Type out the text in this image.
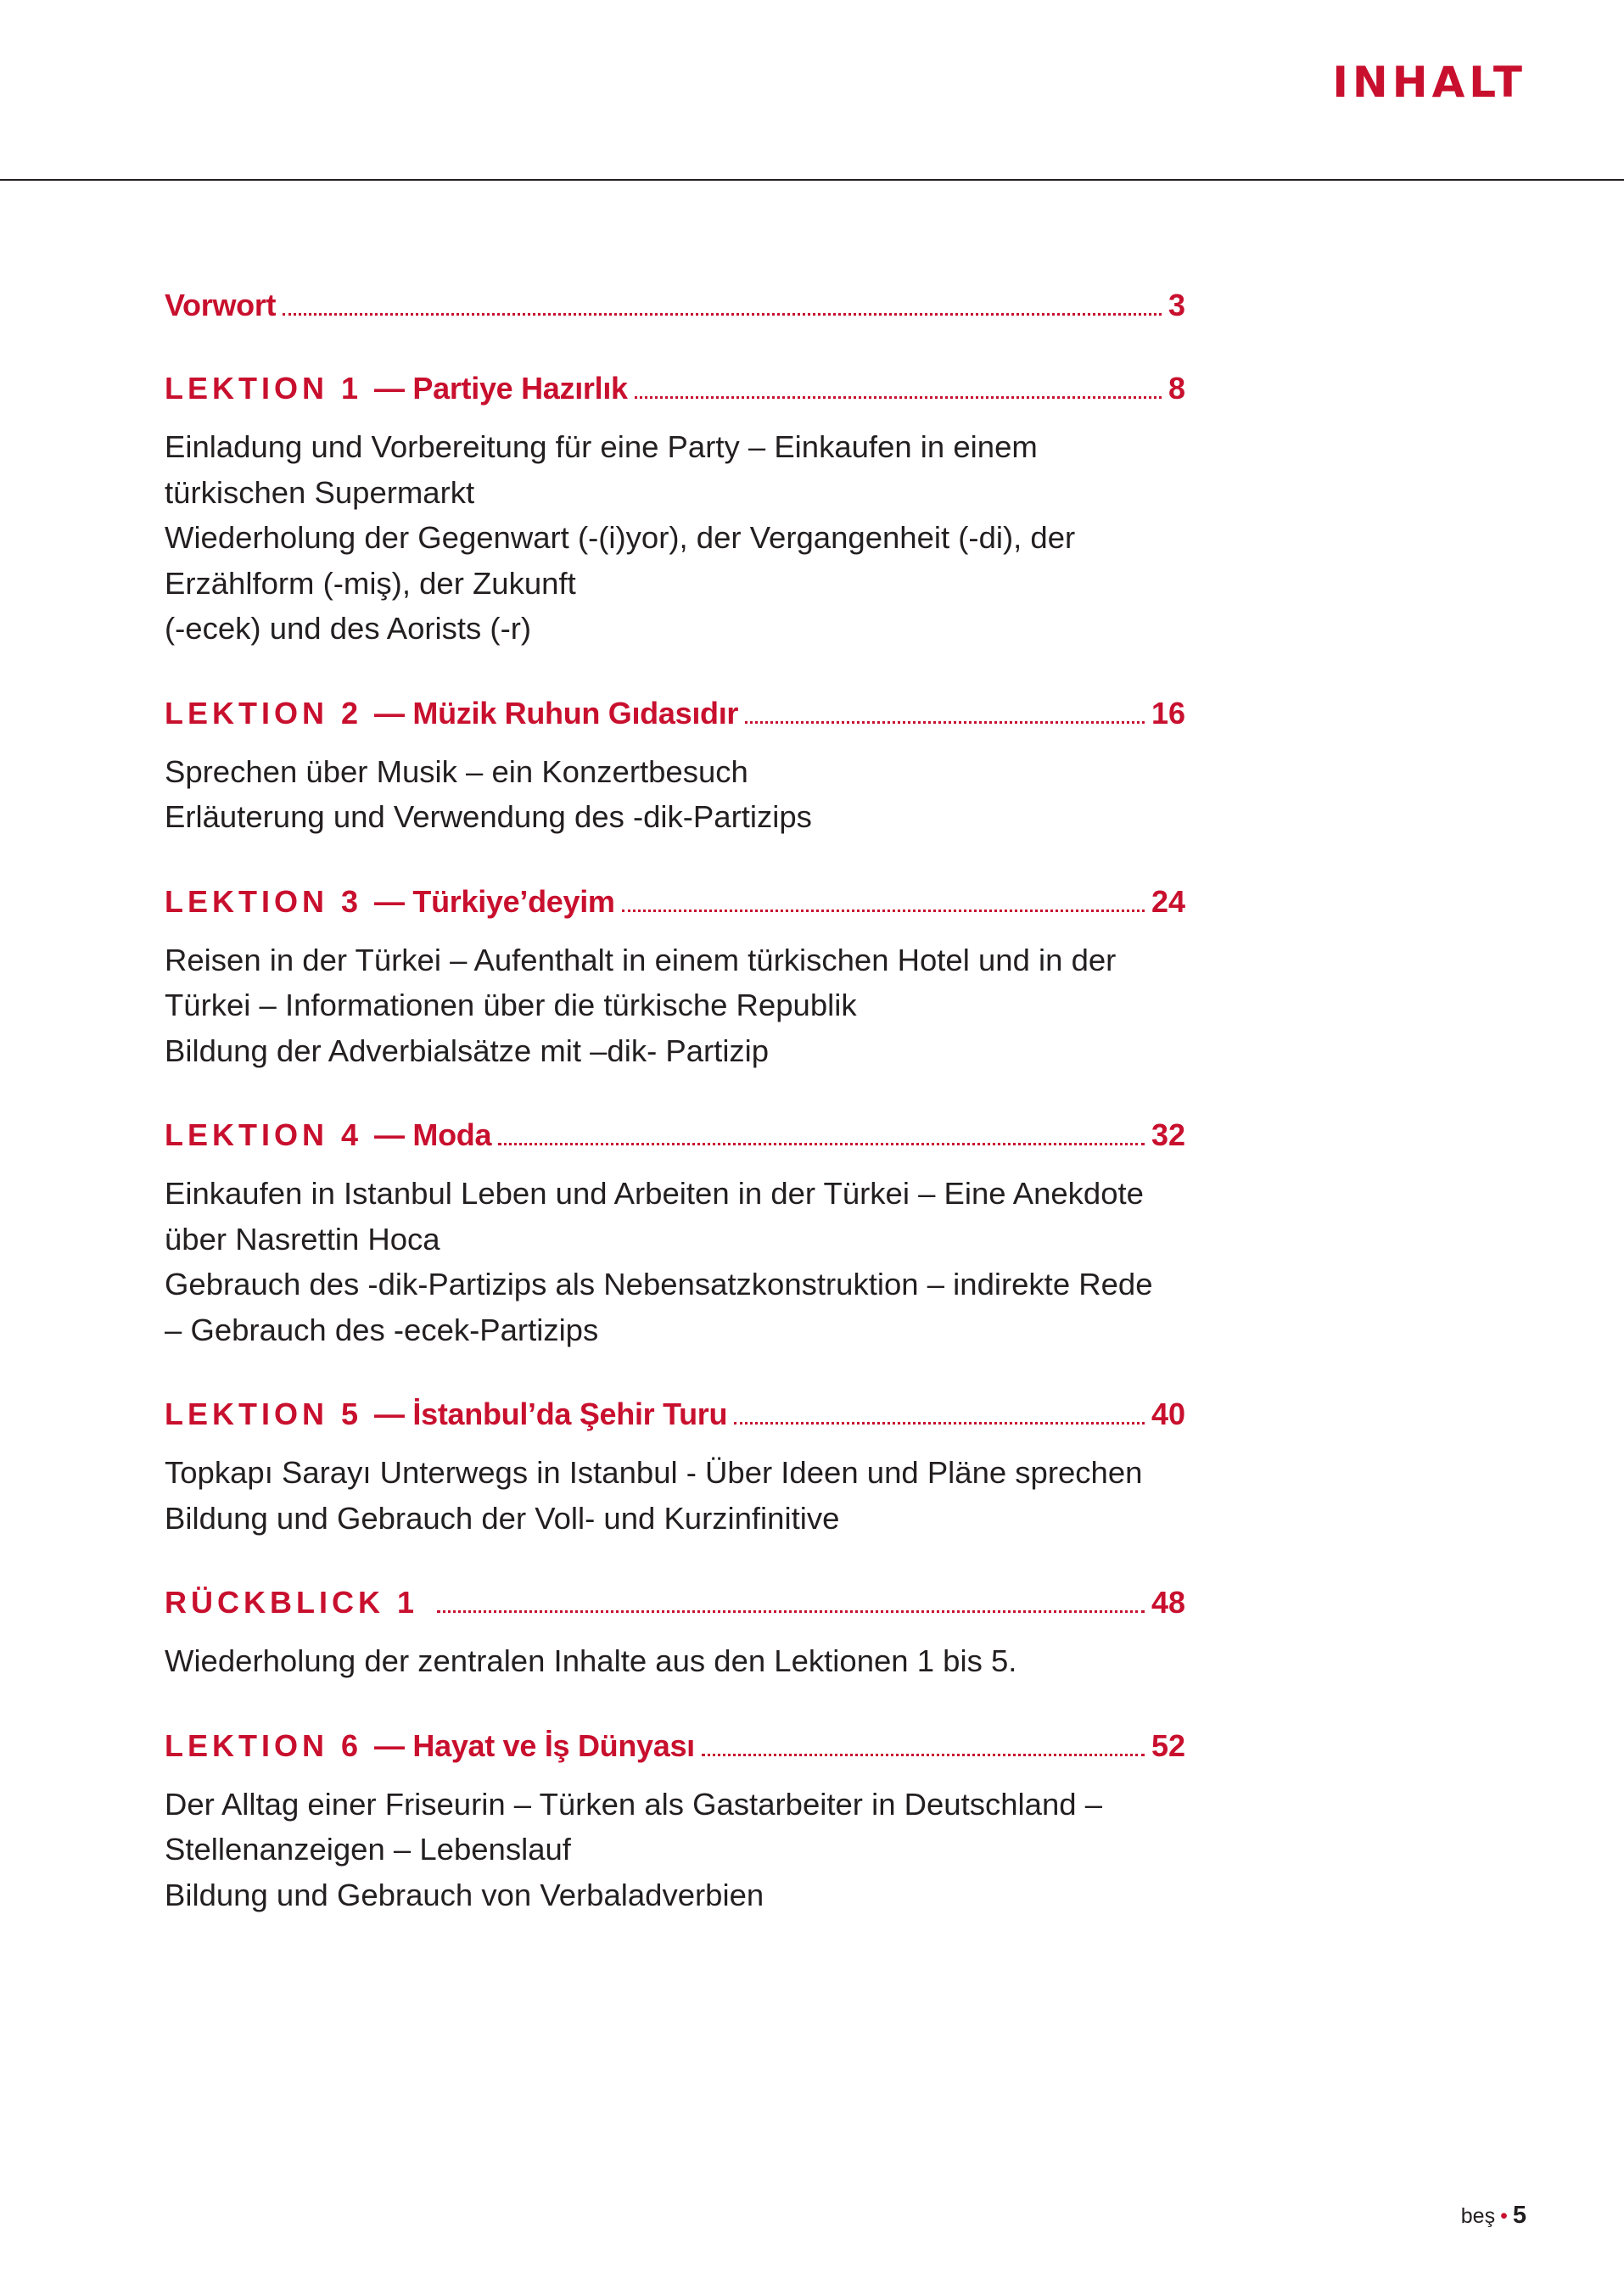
INHALT
Vorwort	3
LEKTION 1 — Partiye Hazırlık	8
Einladung und Vorbereitung für eine Party – Einkaufen in einem
türkischen Supermarkt
Wiederholung der Gegenwart (-(i)yor), der Vergangenheit (-di), der
Erzählform (-miş), der Zukunft
(-ecek) und des Aorists (-r)
LEKTION 2 — Müzik Ruhun Gıdasıdır	16
Sprechen über Musik – ein Konzertbesuch
Erläuterung und Verwendung des -dik-Partizips
LEKTION 3 — Türkiye’deyim	24
Reisen in der Türkei – Aufenthalt in einem türkischen Hotel und in der
Türkei – Informationen über die türkische Republik
Bildung der Adverbialsätze mit –dik- Partizip
LEKTION 4 — Moda	32
Einkaufen in Istanbul Leben und Arbeiten in der Türkei – Eine Anekdote
über Nasrettin Hoca
Gebrauch des -dik-Partizips als Nebensatzkonstruktion – indirekte Rede
– Gebrauch des -ecek-Partizips
LEKTION 5 — İstanbul’da Şehir Turu	40
Topkapı Sarayı Unterwegs in Istanbul - Über Ideen und Pläne sprechen
Bildung und Gebrauch der Voll- und Kurzinfinitive
RÜCKBLICK 1	48
Wiederholung der zentralen Inhalte aus den Lektionen 1 bis 5.
LEKTION 6 — Hayat ve İş Dünyası	52
Der Alltag einer Friseurin – Türken als Gastarbeiter in Deutschland –
Stellenanzeigen – Lebenslauf
Bildung und Gebrauch von Verbaladverbien
beş • 5
